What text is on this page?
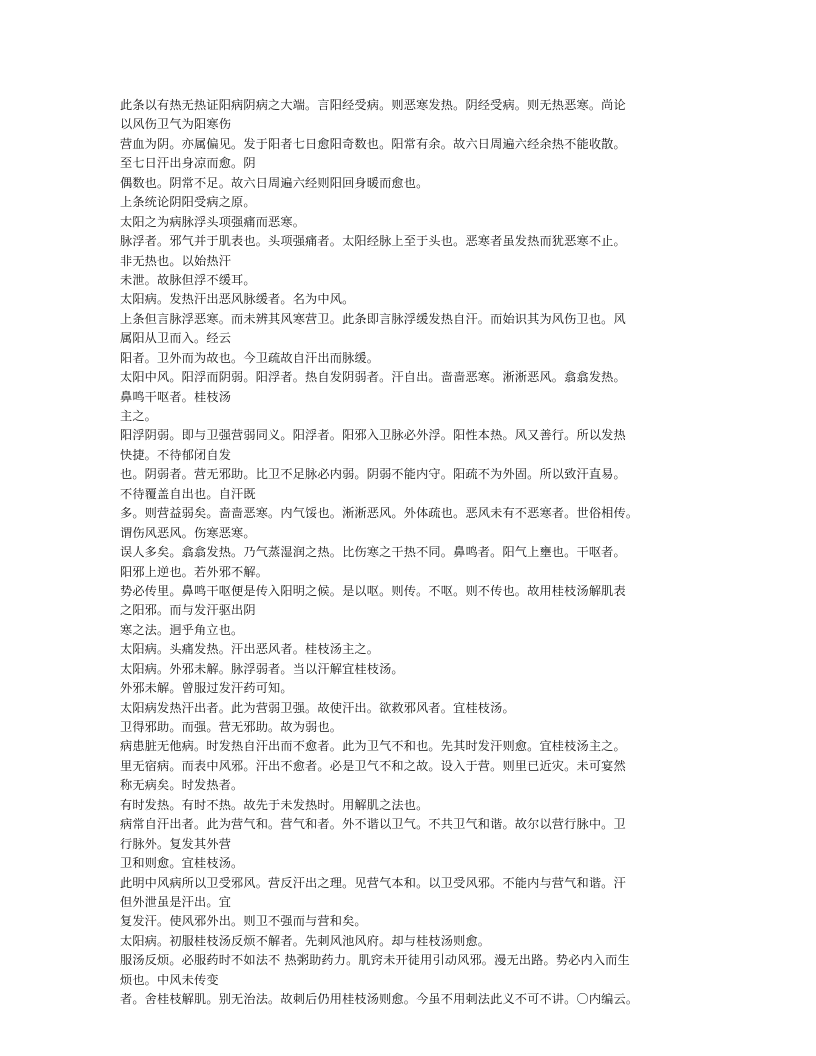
此条以有热无热证阳病阴病之大端。言阳经受病。则恶寒发热。阴经受病。则无热恶寒。尚论
以风伤卫气为阳寒伤
营血为阴。亦属偏见。发于阳者七日愈阳奇数也。阳常有余。故六日周遍六经余热不能收散。
至七日汗出身凉而愈。阴
偶数也。阴常不足。故六日周遍六经则阳回身暖而愈也。
上条统论阴阳受病之原。
太阳之为病脉浮头项强痛而恶寒。
脉浮者。邪气并于肌表也。头项强痛者。太阳经脉上至于头也。恶寒者虽发热而犹恶寒不止。
非无热也。以始热汗
未泄。故脉但浮不缓耳。
太阳病。发热汗出恶风脉缓者。名为中风。
上条但言脉浮恶寒。而未辨其风寒营卫。此条即言脉浮缓发热自汗。而始识其为风伤卫也。风
属阳从卫而入。经云
阳者。卫外而为故也。今卫疏故自汗出而脉缓。
太阳中风。阳浮而阴弱。阳浮者。热自发阴弱者。汗自出。啬啬恶寒。淅淅恶风。翕翕发热。
鼻鸣干呕者。桂枝汤
主之。
阳浮阴弱。即与卫强营弱同义。阳浮者。阳邪入卫脉必外浮。阳性本热。风又善行。所以发热
快捷。不待郁闭自发
也。阴弱者。营无邪助。比卫不足脉必内弱。阴弱不能内守。阳疏不为外固。所以致汗直易。
不待覆盖自出也。自汗既
多。则营益弱矣。啬啬恶寒。内气馁也。淅淅恶风。外体疏也。恶风未有不恶寒者。世俗相传。
谓伤风恶风。伤寒恶寒。
误人多矣。翕翕发热。乃气蒸湿润之热。比伤寒之干热不同。鼻鸣者。阳气上壅也。干呕者。
阳邪上逆也。若外邪不解。
势必传里。鼻鸣干呕便是传入阳明之候。是以呕。则传。不呕。则不传也。故用桂枝汤解肌表
之阳邪。而与发汗驱出阴
寒之法。迥乎角立也。
太阳病。头痛发热。汗出恶风者。桂枝汤主之。
太阳病。外邪未解。脉浮弱者。当以汗解宜桂枝汤。
外邪未解。曾服过发汗药可知。
太阳病发热汗出者。此为营弱卫强。故使汗出。欲救邪风者。宜桂枝汤。
卫得邪助。而强。营无邪助。故为弱也。
病患脏无他病。时发热自汗出而不愈者。此为卫气不和也。先其时发汗则愈。宜桂枝汤主之。
里无宿病。而表中风邪。汗出不愈者。必是卫气不和之故。设入于营。则里已近灾。未可宴然
称无病矣。时发热者。
有时发热。有时不热。故先于未发热时。用解肌之法也。
病常自汗出者。此为营气和。营气和者。外不谐以卫气。不共卫气和谐。故尔以营行脉中。卫
行脉外。复发其外营
卫和则愈。宜桂枝汤。
此明中风病所以卫受邪风。营反汗出之理。见营气本和。以卫受风邪。不能内与营气和谐。汗
但外泄虽是汗出。宜
复发汗。使风邪外出。则卫不强而与营和矣。
太阳病。初服桂枝汤反烦不解者。先刺风池风府。却与桂枝汤则愈。
服汤反烦。必服药时不如法不 热粥助药力。肌窍未开徒用引动风邪。漫无出路。势必内入而生
烦也。中风未传变
者。舍桂枝解肌。别无治法。故刺后仍用桂枝汤则愈。今虽不用刺法此义不可不讲。〇内编云。
